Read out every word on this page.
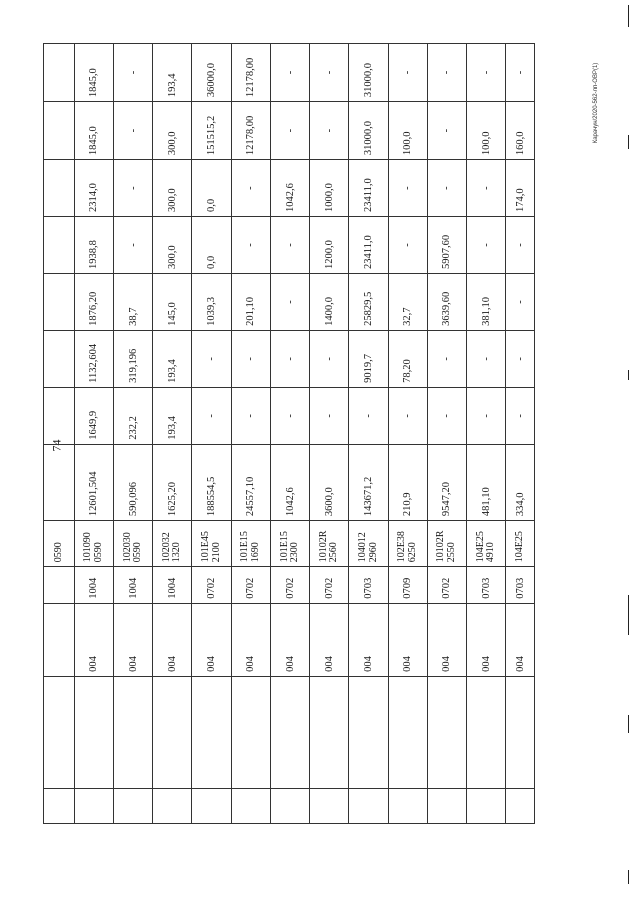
74
Карачун/2020-562-лп-ОВР(1)
				0590								
		004	1004	101090 0590	12601,504	1649,9	1132,604	1876,20	1938,8	2314,0	1845,0	1845,0
		004	1004	102030 0590	590,096	232,2	319,196	38,7	-	-	-	-
		004	1004	102032 1320	1625,20	193,4	193,4	145,0	300,0	300,0	300,0	193,4
		004	0702	101E45 2100	188554,5	-	-	1039,3	0,0	0,0	151515,2	36000,0
		004	0702	101E15 1690	24557,10	-	-	201,10	-	-	12178,00	12178,00
		004	0702	101E15 2300	1042,6	-	-	-	-	1042,6	-	-
		004	0702	10102R 2560	3600,0	-	-	1400,0	1200,0	1000,0	-	-
		004	0703	104012 2960	143671,2	-	9019,7	25829,5	23411,0	23411,0	31000,0	31000,0
		004	0709	102E38 6250	210,9	-	78,20	32,7	-	-	100,0	-
		004	0702	10102R 2550	9547,20	-	-	3639,60	5907,60	-	-	-
		004	0703	104E25 4910	481,10	-	-	381,10	-	-	100,0	-
		004	0703	104E25	334,0	-	-	-	-	174,0	160,0	-
